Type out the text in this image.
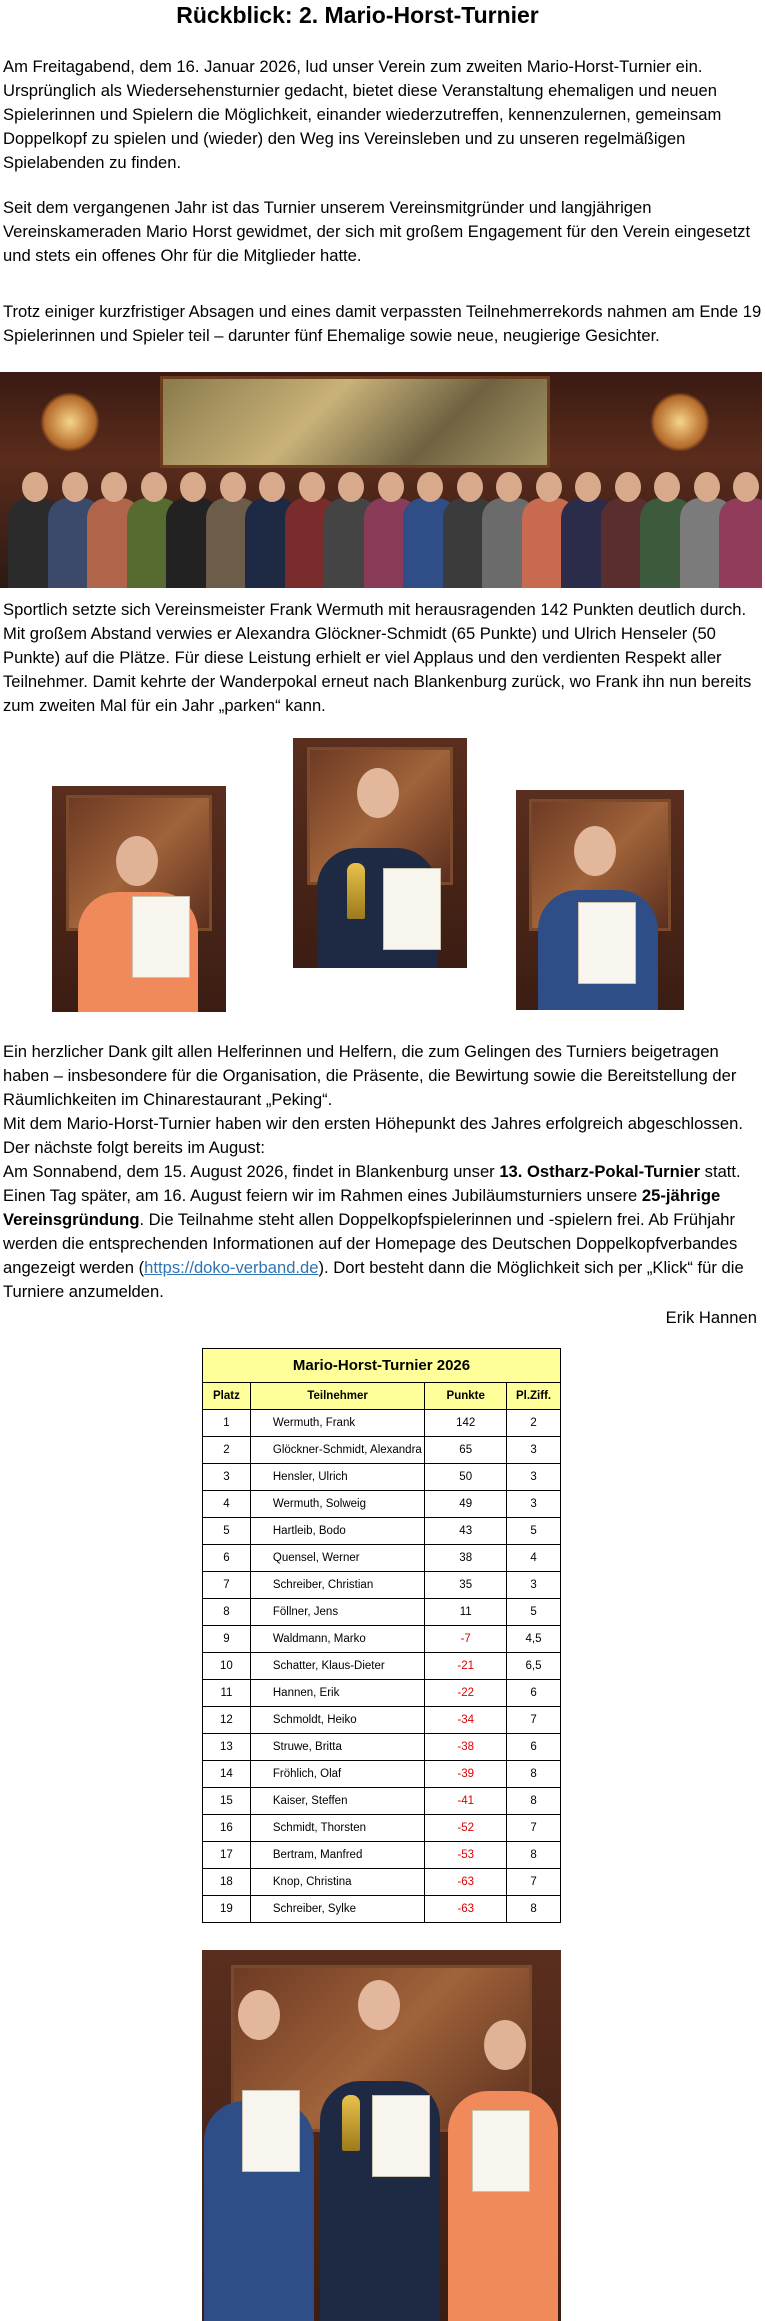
Rückblick: 2. Mario-Horst-Turnier

Am Freitagabend, dem 16. Januar 2026, lud unser Verein zum zweiten Mario-Horst-Turnier ein. Ursprünglich als Wiedersehensturnier gedacht, bietet diese Veranstaltung ehemaligen und neuen Spielerinnen und Spielern die Möglichkeit, einander wiederzutreffen, kennenzulernen, gemeinsam Doppelkopf zu spielen und (wieder) den Weg ins Vereinsleben und zu unseren regelmäßigen Spielabenden zu finden.

Seit dem vergangenen Jahr ist das Turnier unserem Vereinsmitgründer und langjährigen Vereinskameraden Mario Horst gewidmet, der sich mit großem Engagement für den Verein eingesetzt und stets ein offenes Ohr für die Mitglieder hatte.

Trotz einiger kurzfristiger Absagen und eines damit verpassten Teilnehmerrekords nahmen am Ende 19 Spielerinnen und Spieler teil – darunter fünf Ehemalige sowie neue, neugierige Gesichter.

Sportlich setzte sich Vereinsmeister Frank Wermuth mit herausragenden 142 Punkten deutlich durch. Mit großem Abstand verwies er Alexandra Glöckner-Schmidt (65 Punkte) und Ulrich Henseler (50 Punkte) auf die Plätze. Für diese Leistung erhielt er viel Applaus und den verdienten Respekt aller Teilnehmer. Damit kehrte der Wanderpokal erneut nach Blankenburg zurück, wo Frank ihn nun bereits zum zweiten Mal für ein Jahr „parken“ kann.

Ein herzlicher Dank gilt allen Helferinnen und Helfern, die zum Gelingen des Turniers beigetragen haben – insbesondere für die Organisation, die Präsente, die Bewirtung sowie die Bereitstellung der Räumlichkeiten im Chinarestaurant „Peking“.
Mit dem Mario-Horst-Turnier haben wir den ersten Höhepunkt des Jahres erfolgreich abgeschlossen. Der nächste folgt bereits im August:
Am Sonnabend, dem 15. August 2026, findet in Blankenburg unser 13. Ostharz-Pokal-Turnier statt. Einen Tag später, am 16. August feiern wir im Rahmen eines Jubiläumsturniers unsere 25-jährige Vereinsgründung. Die Teilnahme steht allen Doppelkopfspielerinnen und -spielern frei. Ab Frühjahr werden die entsprechenden Informationen auf der Homepage des Deutschen Doppelkopfverbandes angezeigt werden (https://doko-verband.de). Dort besteht dann die Möglichkeit sich per „Klick“ für die Turniere anzumelden.

Erik Hannen
Mario-Horst-Turnier 2026			
Platz	Teilnehmer	Punkte	Pl.Ziff.
1	Wermuth, Frank	142	2
2	Glöckner-Schmidt, Alexandra	65	3
3	Hensler, Ulrich	50	3
4	Wermuth, Solweig	49	3
5	Hartleib, Bodo	43	5
6	Quensel, Werner	38	4
7	Schreiber, Christian	35	3
8	Föllner, Jens	11	5
9	Waldmann, Marko	-7	4,5
10	Schatter, Klaus-Dieter	-21	6,5
11	Hannen, Erik	-22	6
12	Schmoldt, Heiko	-34	7
13	Struwe, Britta	-38	6
14	Fröhlich, Olaf	-39	8
15	Kaiser, Steffen	-41	8
16	Schmidt, Thorsten	-52	7
17	Bertram, Manfred	-53	8
18	Knop, Christina	-63	7
19	Schreiber, Sylke	-63	8
